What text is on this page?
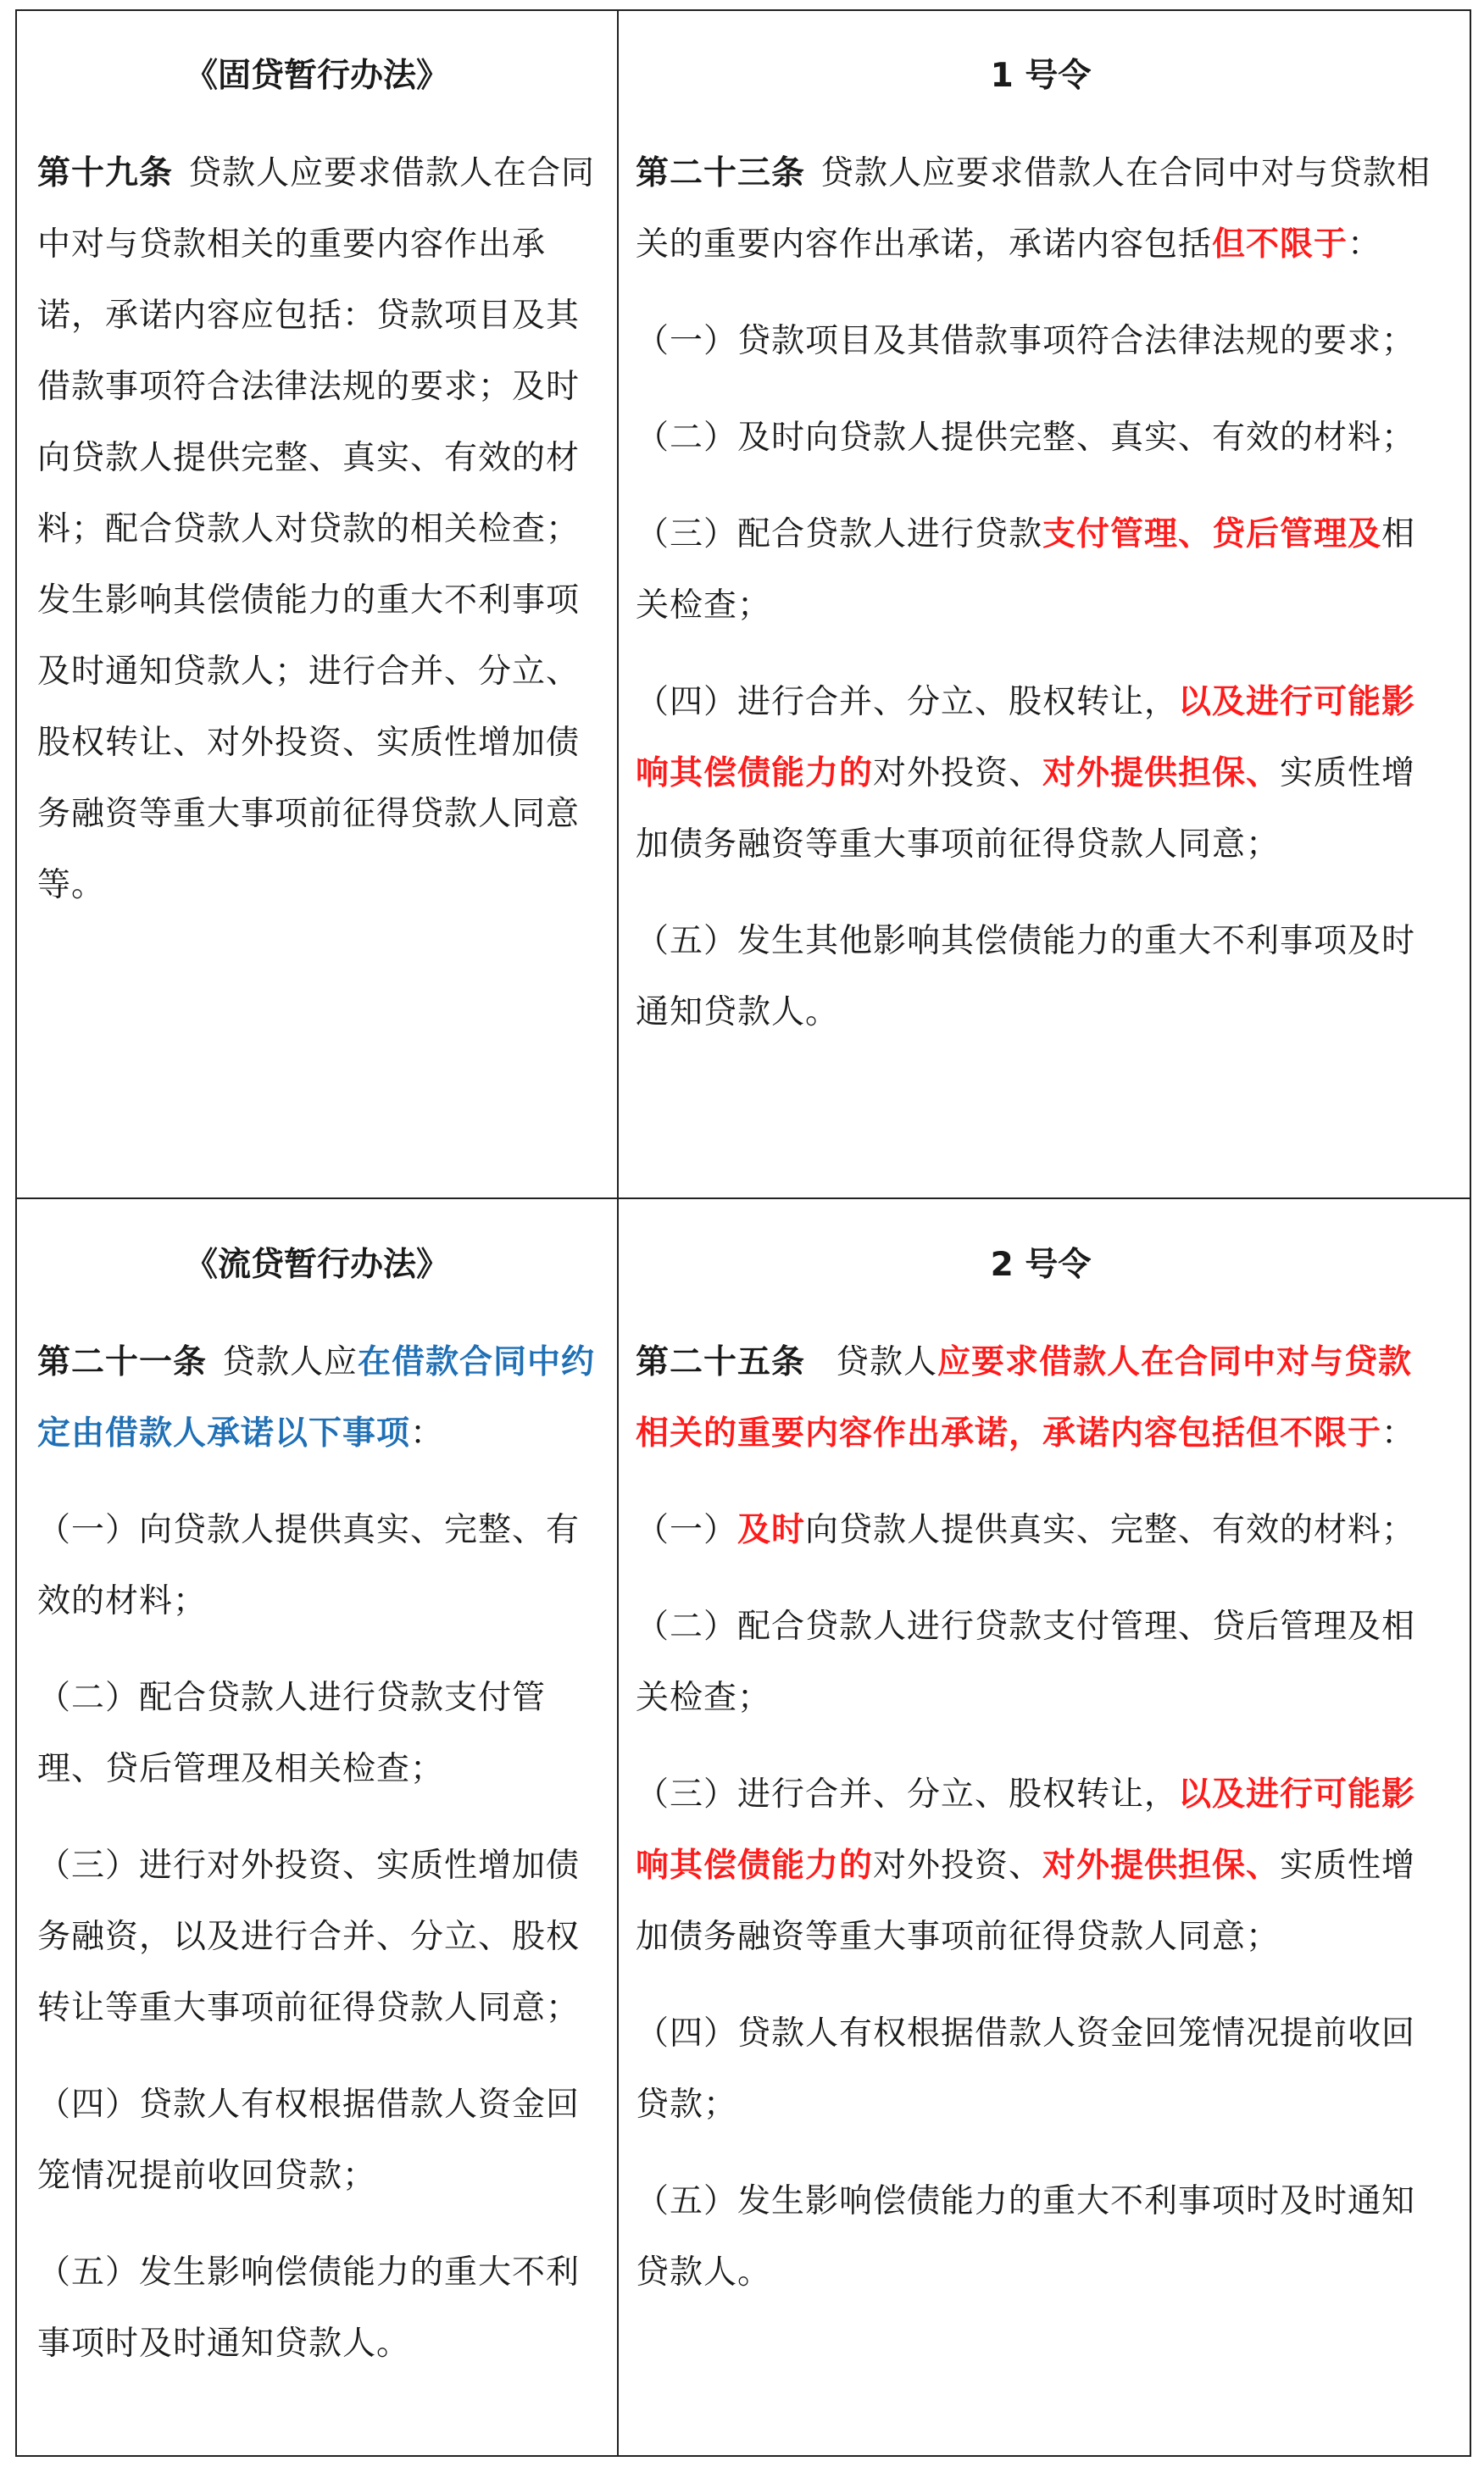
《固贷暂行办法》

第十九条 贷款人应要求借款人在合同中对与贷款相关的重要内容作出承诺，承诺内容应包括：贷款项目及其借款事项符合法律法规的要求；及时向贷款人提供完整、真实、有效的材料；配合贷款人对贷款的相关检查；发生影响其偿债能力的重大不利事项及时通知贷款人；进行合并、分立、股权转让、对外投资、实质性增加债务融资等重大事项前征得贷款人同意等。

1 号令

第二十三条 贷款人应要求借款人在合同中对与贷款相关的重要内容作出承诺，承诺内容包括但不限于：

（一）贷款项目及其借款事项符合法律法规的要求；

（二）及时向贷款人提供完整、真实、有效的材料；

（三）配合贷款人进行贷款支付管理、贷后管理及相关检查；

（四）进行合并、分立、股权转让，以及进行可能影响其偿债能力的对外投资、对外提供担保、实质性增加债务融资等重大事项前征得贷款人同意；

（五）发生其他影响其偿债能力的重大不利事项及时通知贷款人。

《流贷暂行办法》

第二十一条 贷款人应在借款合同中约定由借款人承诺以下事项：

（一）向贷款人提供真实、完整、有效的材料；

（二）配合贷款人进行贷款支付管理、贷后管理及相关检查；

（三）进行对外投资、实质性增加债务融资，以及进行合并、分立、股权转让等重大事项前征得贷款人同意；

（四）贷款人有权根据借款人资金回笼情况提前收回贷款；

（五）发生影响偿债能力的重大不利事项时及时通知贷款人。

2 号令

第二十五条 贷款人应要求借款人在合同中对与贷款相关的重要内容作出承诺，承诺内容包括但不限于：

（一）及时向贷款人提供真实、完整、有效的材料；

（二）配合贷款人进行贷款支付管理、贷后管理及相关检查；

（三）进行合并、分立、股权转让，以及进行可能影响其偿债能力的对外投资、对外提供担保、实质性增加债务融资等重大事项前征得贷款人同意；

（四）贷款人有权根据借款人资金回笼情况提前收回贷款；

（五）发生影响偿债能力的重大不利事项时及时通知贷款人。
